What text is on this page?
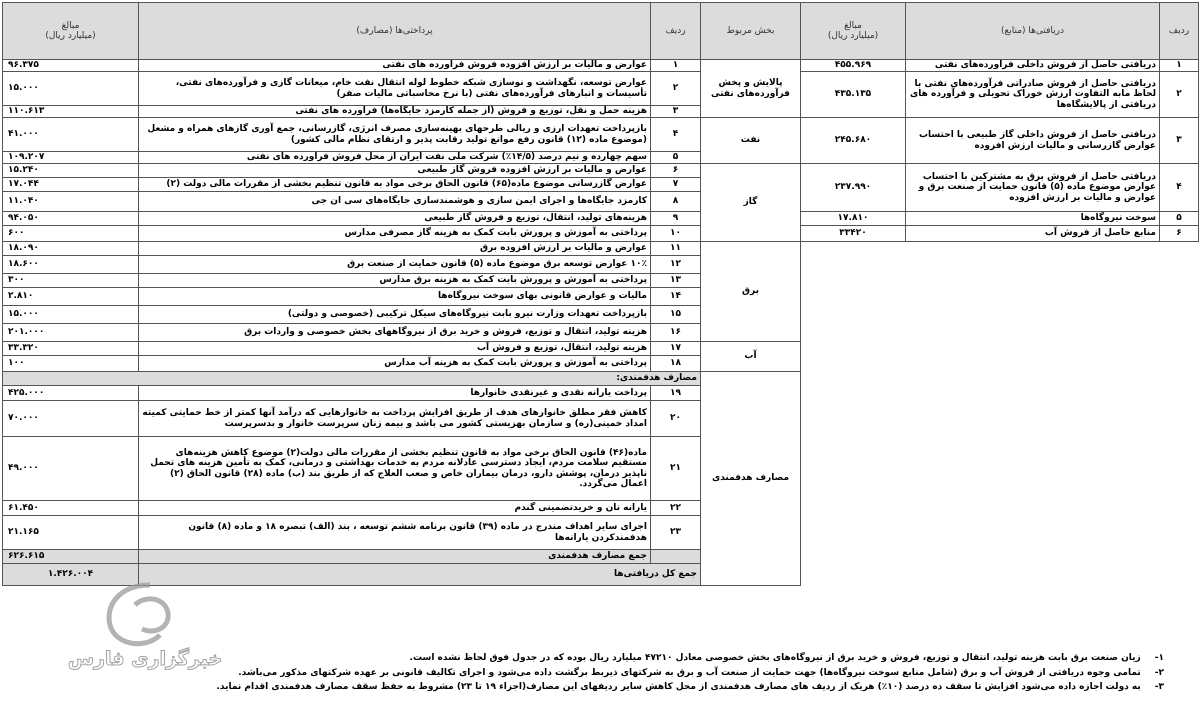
ردیف	دریافتی‌ها (منابع)	مبالغ
(میلیارد ریال)	بخش مربوط	ردیف	پرداختی‌ها (مصارف)	مبالغ
(میلیارد ریال)	
۱	دریافتی حاصل از فروش داخلی فرآورده‌های نفتی	۴۵۵.۹۶۹	پالایش و پخش فرآورده‌های نفتی	۱	عوارض و مالیات بر ارزش افزوده فروش فرآورده های نفتی	۹۶.۳۷۵	
۲	دریافتی حاصل از فروش صادراتی فرآورده‌های نفتی با لحاظ مابه التفاوت ارزش خوراک تحویلی و فرآورده های دریافتی از پالایشگاه‌ها	۴۳۵.۱۳۵		۲	عوارض توسعه، نگهداشت و نوسازی شبکه خطوط لوله انتقال نفت خام، میعانات گازی و فرآورده‌های نفتی، تأسیسات و انبارهای فرآورده‌های نفتی (با نرخ محاسباتی مالیات صفر)	۱۵.۰۰۰	
				۳	هزینه حمل و نقل، توزیع و فروش (از جمله کارمزد جایگاه‌ها) فرآورده های نفتی	۱۱۰.۶۱۳	
۳	دریافتی حاصل از فروش داخلی گاز طبیعی با احتساب عوارض گازرسانی و مالیات ارزش افزوده	۲۴۵.۶۸۰	نفت	۴	بازپرداخت تعهدات ارزی و ریالی طرحهای بهینه‌سازی مصرف انرژی، گازرسانی، جمع آوری گازهای همراه و مشعل (موضوع ماده (۱۲) قانون رفع موانع تولید رقابت پذیر و ارتقای نظام مالی کشور)	۴۱.۰۰۰	
				۵	سهم چهارده و نیم درصد (۱۴/۵٪) شرکت ملی نفت ایران از محل فروش فرآورده های نفتی	۱۰۹.۲۰۷	
۴	دریافتی حاصل از فروش برق به مشترکین با احتساب عوارض موضوع ماده (۵) قانون حمایت از صنعت برق و عوارض و مالیات بر ارزش افزوده	۲۳۷.۹۹۰	گاز	۶	عوارض و مالیات بر ارزش افزوده فروش گاز طبیعی	۱۵.۲۴۰	
				۷	عوارض گازرسانی موضوع ماده(۶۵) قانون الحاق برخی مواد به قانون تنظیم بخشی از مقررات مالی دولت (۲)	۱۷.۰۴۴	
				۸	کارمزد جایگاه‌ها و اجرای ایمن سازی و هوشمندسازی جایگاه‌های سی ان جی	۱۱.۰۴۰	
۵	سوخت نیروگاه‌ها	۱۷.۸۱۰		۹	هزینه‌های تولید، انتقال، توزیع و فروش گاز طبیعی	۹۴.۰۵۰	
۶	منابع حاصل از فروش آب	۳۳۴۲۰		۱۰	پرداختی به آموزش و پرورش بابت کمک به هزینه گاز مصرفی مدارس	۶۰۰	
			برق	۱۱	عوارض و مالیات بر ارزش افزوده برق	۱۸.۰۹۰	
				۱۲	۱۰٪ عوارض توسعه برق موضوع ماده (۵) قانون حمایت از صنعت برق	۱۸.۶۰۰	
				۱۳	پرداختی به آموزش و پرورش بابت کمک به هزینه برق مدارس	۳۰۰	
				۱۴	مالیات و عوارض قانونی بهای سوخت نیروگاه‌ها	۲.۸۱۰	
				۱۵	بازپرداخت تعهدات وزارت نیرو بابت نیروگاه‌های سیکل ترکیبی (خصوصی و دولتی)	۱۵.۰۰۰	
				۱۶	هزینه تولید، انتقال و توزیع، فروش و خرید برق از نیروگاههای بخش خصوصی و واردات برق	۲۰۱.۰۰۰	
			آب	۱۷	هزینه تولید، انتقال، توزیع و فروش آب	۳۳.۳۲۰	
				۱۸	پرداختی به آموزش و پرورش بابت کمک به هزینه آب مدارس	۱۰۰	
			مصارف هدفمندی	مصارف هدفمندی:			
				۱۹	پرداخت یارانه نقدی و غیرنقدی خانوارها	۴۲۵.۰۰۰	
				۲۰	کاهش فقر مطلق خانوارهای هدف از طریق افزایش پرداخت به خانوارهایی که درآمد آنها کمتر از خط حمایتی کمیته امداد خمینی(ره) و سازمان بهزیستی کشور می باشد و بیمه زنان سرپرست خانوار و بدسرپرست	۷۰.۰۰۰	
				۲۱	ماده(۴۶) قانون الحاق برخی مواد به قانون تنظیم بخشی از مقررات مالی دولت(۲) موضوع کاهش هزینه‌های مستقیم سلامت مردم، ایجاد دسترسی عادلانه مردم به خدمات بهداشتی و درمانی، کمک به تأمین هزینه های تحمل ناپذیر درمان، پوشش دارو، درمان بیماران خاص و صعب العلاج که از طریق بند (ب) ماده (۲۸) قانون الحاق (۲) اعمال می‌گردد.	۴۹.۰۰۰	
				۲۲	یارانه نان و خریدتضمینی گندم	۶۱.۴۵۰	
				۲۳	اجرای سایر اهداف مندرج در ماده (۳۹) قانون برنامه ششم توسعه ، بند (الف) تبصره ۱۸ و ماده (۸) قانون هدفمندکردن یارانه‌ها	۲۱.۱۶۵	
					جمع مصارف هدفمندی	۶۲۶.۶۱۵	
				جمع کل دریافتی‌ها		۱.۴۲۶.۰۰۴			
۱-
زیان صنعت برق بابت هزینه تولید، انتقال و توزیع، فروش و خرید برق از نیروگاه‌های بخش خصوصی معادل ۴۷۲۱۰ میلیارد ریال بوده که در جدول فوق لحاظ نشده است.
۲-
تمامی وجوه دریافتی از فروش آب و برق (شامل منابع سوخت نیروگاه‌ها) جهت حمایت از صنعت آب و برق به شرکتهای ذیربط برگشت داده می‌شود و اجرای تکالیف قانونی بر عهده شرکتهای مذکور می‌باشد.
۳-
به دولت اجازه داده می‌شود افزایش تا سقف ده درصد (۱۰٪) هریک از ردیف های مصارف هدفمندی از محل کاهش سایر ردیفهای این مصارف(اجزاء ۱۹ تا ۲۳) مشروط به حفظ سقف مصارف هدفمندی اقدام نماید.
خبرگزاری فارس
